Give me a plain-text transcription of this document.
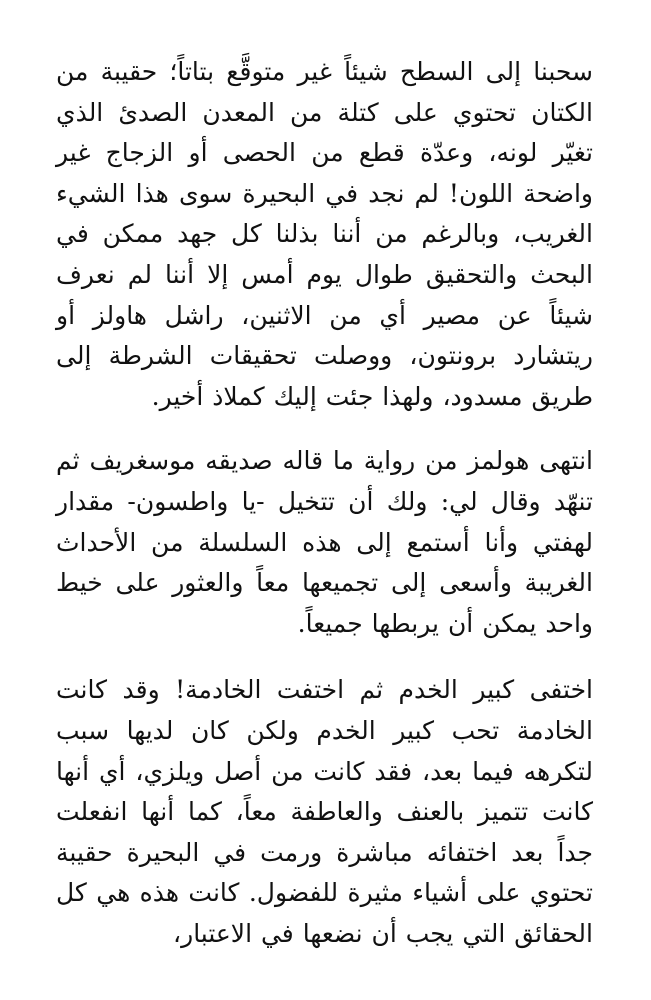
سحبنا إلى السطح شيئاً غير متوقَّع بتاتاً؛ حقيبة من الكتان تحتوي على كتلة من المعدن الصدئ الذي تغيّر لونه، وعدّة قطع من الحصى أو الزجاج غير واضحة اللون! لم نجد في البحيرة سوى هذا الشيء الغريب، وبالرغم من أننا بذلنا كل جهد ممكن في البحث والتحقيق طوال يوم أمس إلا أننا لم نعرف شيئاً عن مصير أي من الاثنين، راشل هاولز أو ريتشارد برونتون، ووصلت تحقيقات الشرطة إلى طريق مسدود، ولهذا جئت إليك كملاذ أخير.

انتهى هولمز من رواية ما قاله صديقه موسغريف ثم تنهّد وقال لي: ولك أن تتخيل -يا واطسون- مقدار لهفتي وأنا أستمع إلى هذه السلسلة من الأحداث الغريبة وأسعى إلى تجميعها معاً والعثور على خيط واحد يمكن أن يربطها جميعاً.

اختفى كبير الخدم ثم اختفت الخادمة! وقد كانت الخادمة تحب كبير الخدم ولكن كان لديها سبب لتكرهه فيما بعد، فقد كانت من أصل ويلزي، أي أنها كانت تتميز بالعنف والعاطفة معاً، كما أنها انفعلت جداً بعد اختفائه مباشرة ورمت في البحيرة حقيبة تحتوي على أشياء مثيرة للفضول. كانت هذه هي كل الحقائق التي يجب أن نضعها في الاعتبار،
